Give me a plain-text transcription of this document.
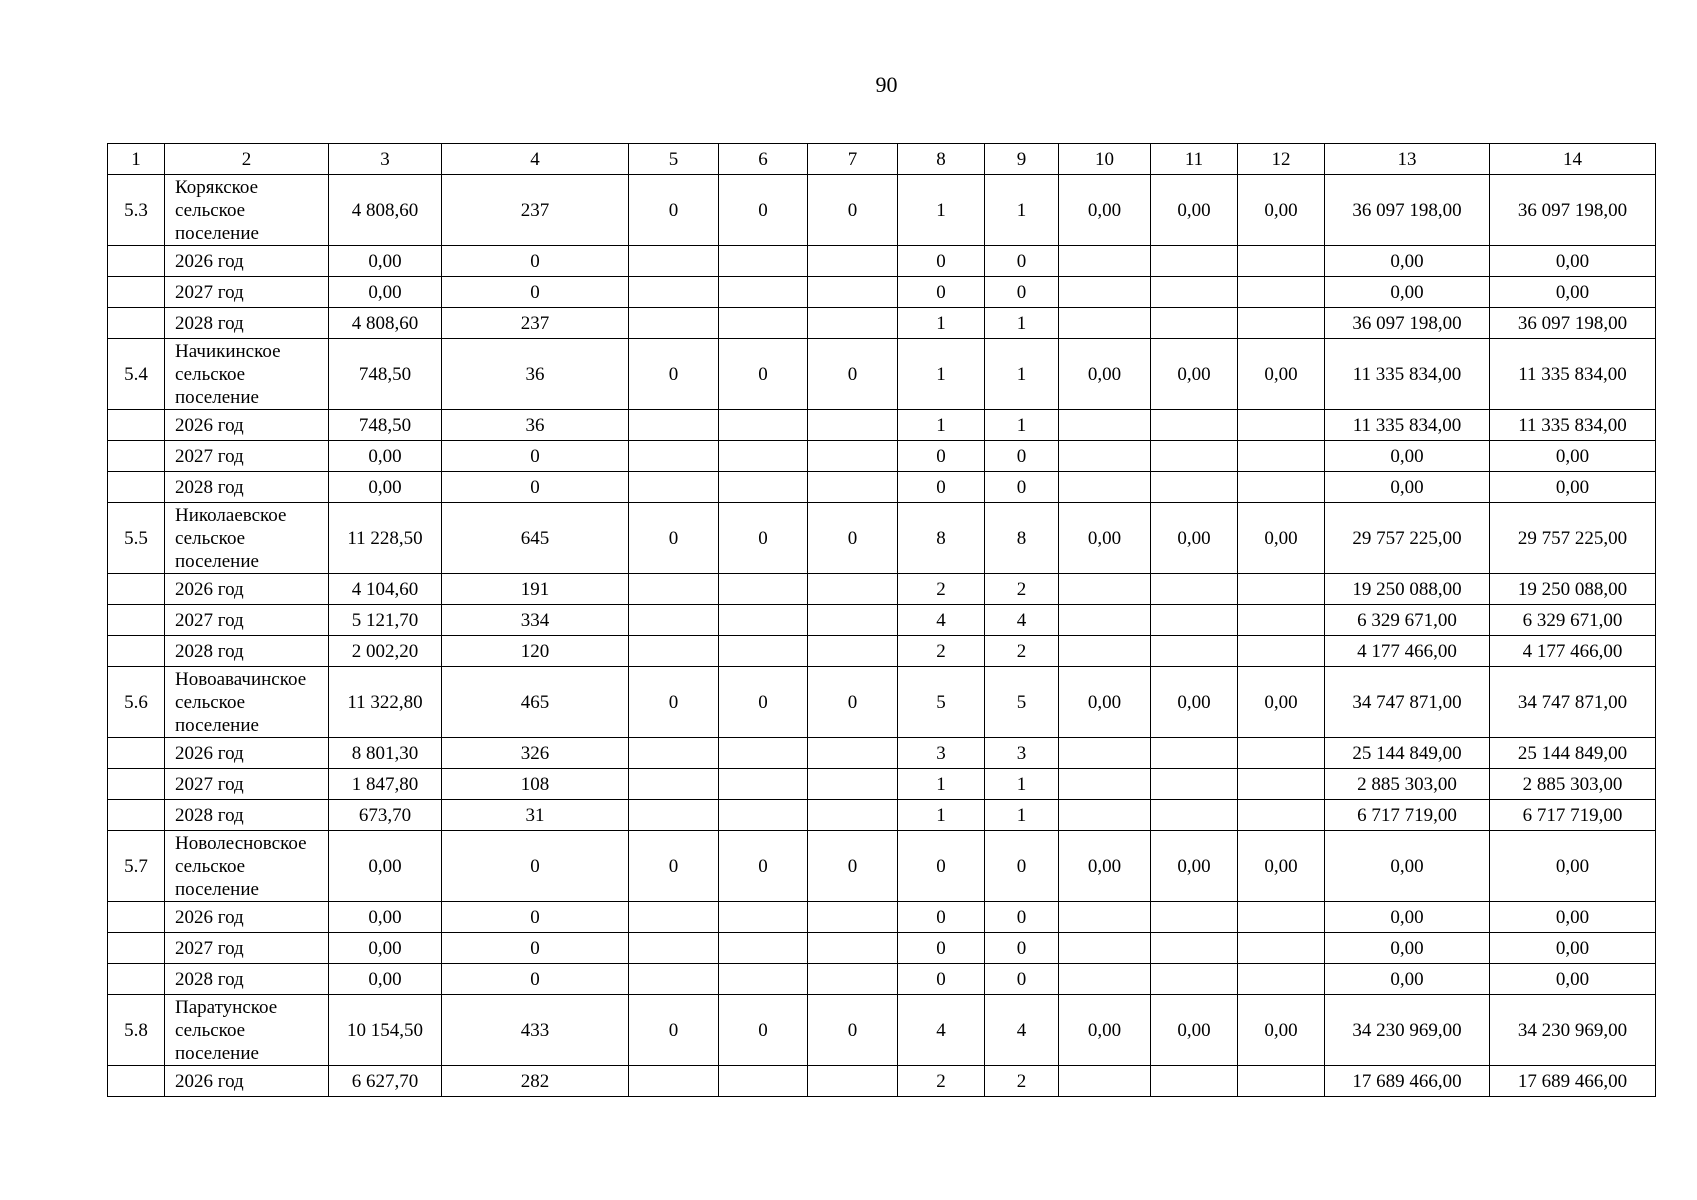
90
1	2	3	4	5	6	7	8	9	10	11	12	13	14
5.3	Корякское сельское поселение	4 808,60	237	0	0	0	1	1	0,00	0,00	0,00	36 097 198,00	36 097 198,00
	2026 год	0,00	0				0	0				0,00	0,00
	2027 год	0,00	0				0	0				0,00	0,00
	2028 год	4 808,60	237				1	1				36 097 198,00	36 097 198,00
5.4	Начикинское сельское поселение	748,50	36	0	0	0	1	1	0,00	0,00	0,00	11 335 834,00	11 335 834,00
	2026 год	748,50	36				1	1				11 335 834,00	11 335 834,00
	2027 год	0,00	0				0	0				0,00	0,00
	2028 год	0,00	0				0	0				0,00	0,00
5.5	Николаевское сельское поселение	11 228,50	645	0	0	0	8	8	0,00	0,00	0,00	29 757 225,00	29 757 225,00
	2026 год	4 104,60	191				2	2				19 250 088,00	19 250 088,00
	2027 год	5 121,70	334				4	4				6 329 671,00	6 329 671,00
	2028 год	2 002,20	120				2	2				4 177 466,00	4 177 466,00
5.6	Новоавачинское сельское поселение	11 322,80	465	0	0	0	5	5	0,00	0,00	0,00	34 747 871,00	34 747 871,00
	2026 год	8 801,30	326				3	3				25 144 849,00	25 144 849,00
	2027 год	1 847,80	108				1	1				2 885 303,00	2 885 303,00
	2028 год	673,70	31				1	1				6 717 719,00	6 717 719,00
5.7	Новолесновское сельское поселение	0,00	0	0	0	0	0	0	0,00	0,00	0,00	0,00	0,00
	2026 год	0,00	0				0	0				0,00	0,00
	2027 год	0,00	0				0	0				0,00	0,00
	2028 год	0,00	0				0	0				0,00	0,00
5.8	Паратунское сельское поселение	10 154,50	433	0	0	0	4	4	0,00	0,00	0,00	34 230 969,00	34 230 969,00
	2026 год	6 627,70	282				2	2				17 689 466,00	17 689 466,00
